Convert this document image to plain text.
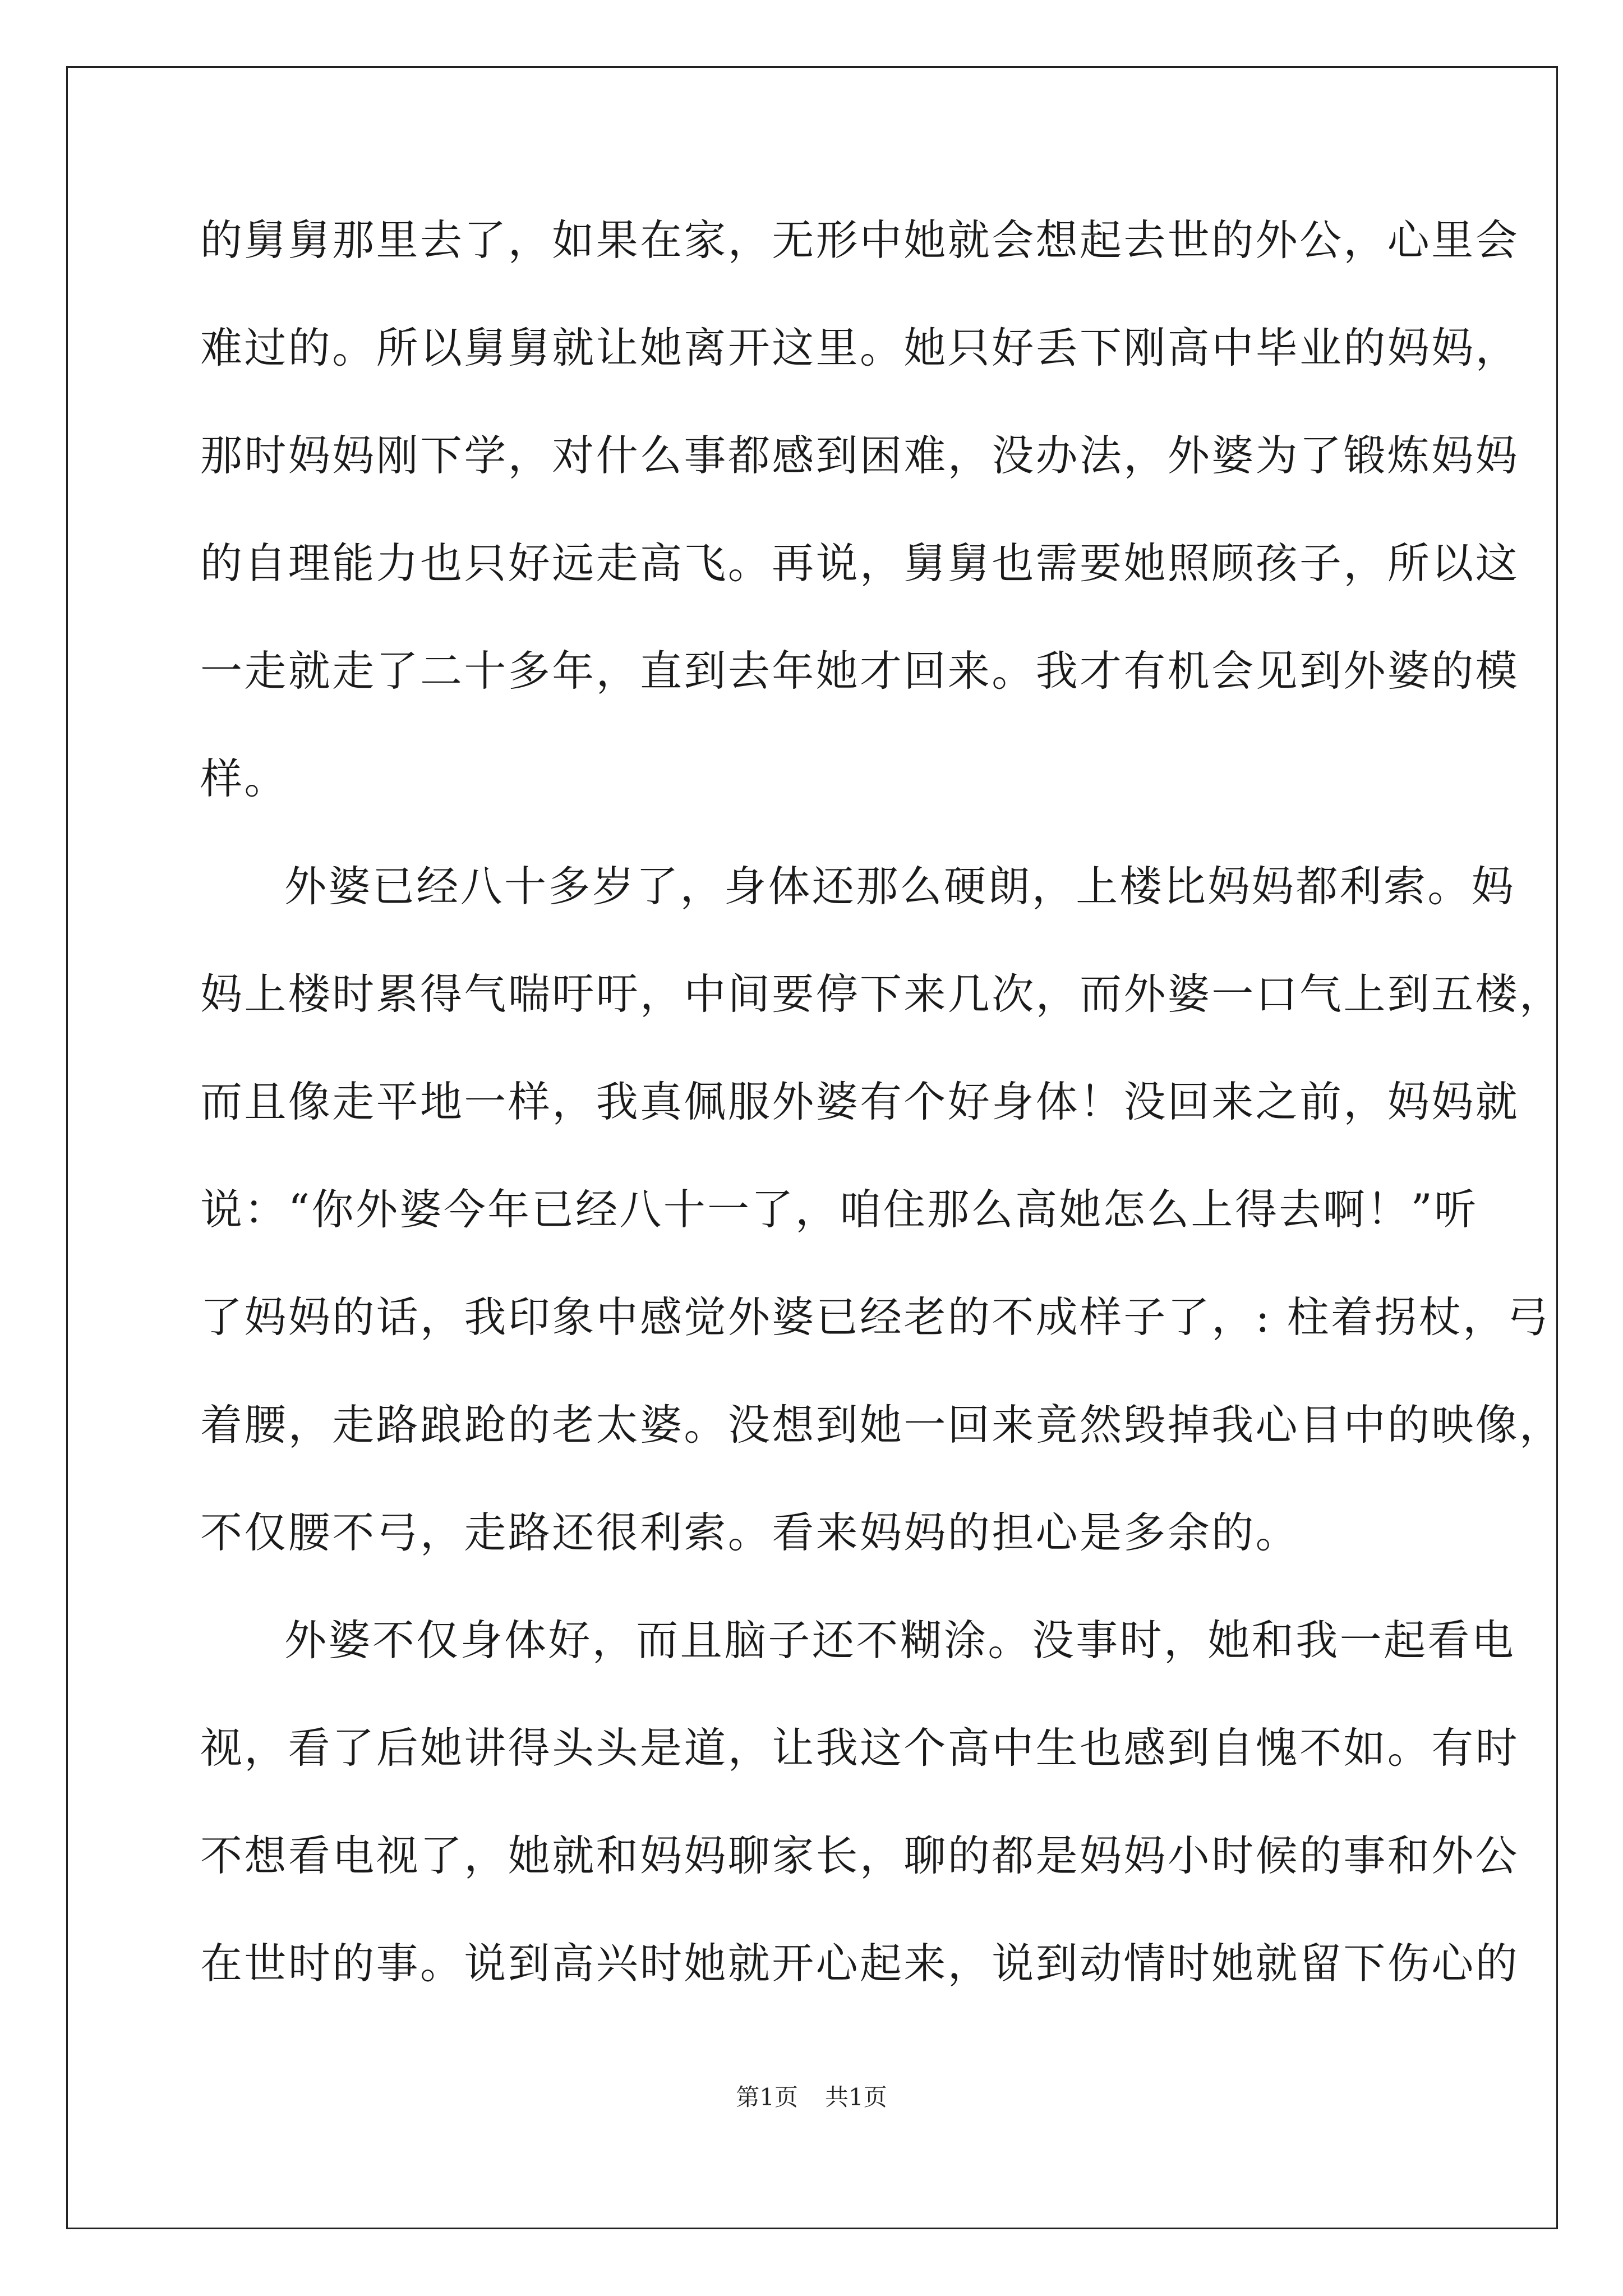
的舅舅那里去了，如果在家，无形中她就会想起去世的外公，心里会
难过的。所以舅舅就让她离开这里。她只好丢下刚高中毕业的妈妈，
那时妈妈刚下学，对什么事都感到困难，没办法，外婆为了锻炼妈妈
的自理能力也只好远走高飞。再说，舅舅也需要她照顾孩子，所以这
一走就走了二十多年，直到去年她才回来。我才有机会见到外婆的模
样。
外婆已经八十多岁了，身体还那么硬朗，上楼比妈妈都利索。妈
妈上楼时累得气喘吁吁，中间要停下来几次，而外婆一口气上到五楼，
而且像走平地一样，我真佩服外婆有个好身体！没回来之前，妈妈就
说：“你外婆今年已经八十一了，咱住那么高她怎么上得去啊！”听
了妈妈的话，我印象中感觉外婆已经老的不成样子了，: 柱着拐杖，弓
着腰，走路踉跄的老太婆。没想到她一回来竟然毁掉我心目中的映像，
不仅腰不弓，走路还很利索。看来妈妈的担心是多余的。
外婆不仅身体好，而且脑子还不糊涂。没事时，她和我一起看电
视，看了后她讲得头头是道，让我这个高中生也感到自愧不如。有时
不想看电视了，她就和妈妈聊家长，聊的都是妈妈小时候的事和外公
在世时的事。说到高兴时她就开心起来，说到动情时她就留下伤心的
第1页 共1页
